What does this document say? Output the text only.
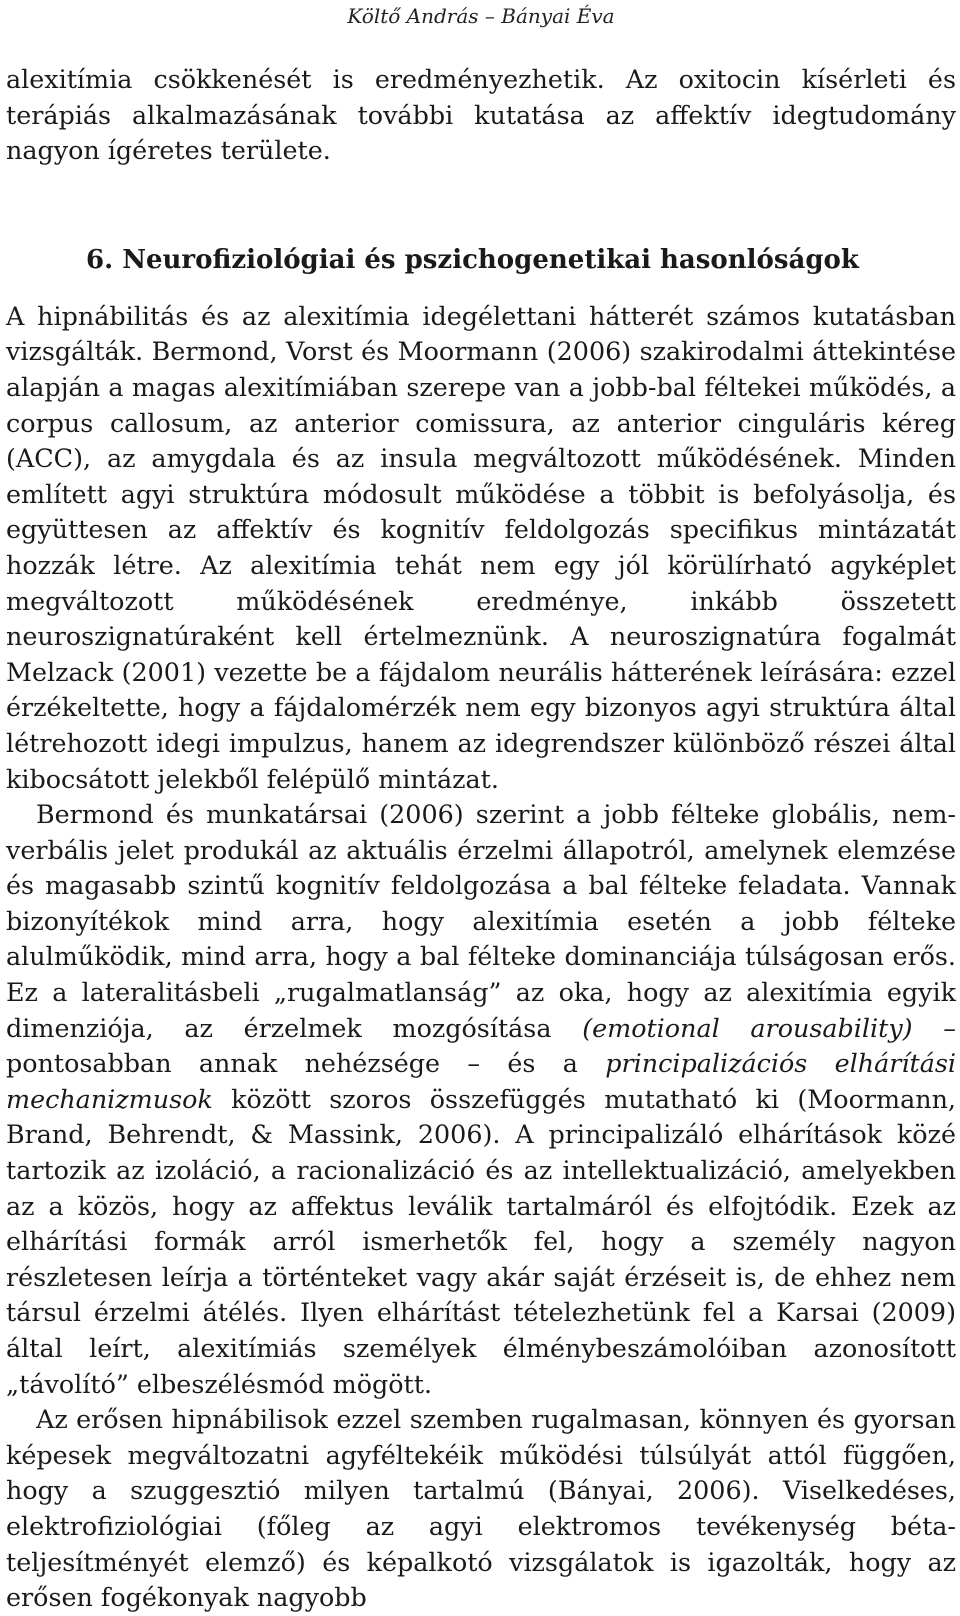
Költő András – Bányai Éva

alexitímia csökkenését is eredményezhetik. Az oxitocin kísérleti és terápiás alkalmazásának további kutatása az affektív idegtudomány nagyon ígéretes területe.

6. Neurofiziológiai és pszichogenetikai hasonlóságok

A hipnábilitás és az alexitímia idegélettani hátterét számos kutatásban vizsgálták. Bermond, Vorst és Moormann (2006) szakirodalmi áttekintése alapján a magas alexitímiában szerepe van a jobb-bal féltekei működés, a corpus callosum, az anterior comissura, az anterior cinguláris kéreg (ACC), az amygdala és az insula megváltozott működésének. Minden említett agyi struktúra módosult működése a többit is befolyásolja, és együttesen az affektív és kognitív feldolgozás specifikus mintázatát hozzák létre. Az alexitímia tehát nem egy jól körülírható agyképlet megváltozott működésének eredménye, inkább összetett neuroszignatúraként kell értelmeznünk. A neuroszignatúra fogalmát Melzack (2001) vezette be a fájdalom neurális hátterének leírására: ezzel érzékeltette, hogy a fájdalomérzék nem egy bizonyos agyi struktúra által létrehozott idegi impulzus, hanem az idegrendszer különböző részei által kibocsátott jelekből felépülő mintázat.

Bermond és munkatársai (2006) szerint a jobb félteke globális, nem-verbális jelet produkál az aktuális érzelmi állapotról, amelynek elemzése és magasabb szintű kognitív feldolgozása a bal félteke feladata. Vannak bizonyítékok mind arra, hogy alexitímia esetén a jobb félteke alulműködik, mind arra, hogy a bal félteke dominanciája túlságosan erős. Ez a lateralitásbeli „rugalmatlanság” az oka, hogy az alexitímia egyik dimenziója, az érzelmek mozgósítása (emotional arousability) – pontosabban annak nehézsége – és a principalizációs elhárítási mechanizmusok között szoros összefüggés mutatható ki (Moormann, Brand, Behrendt, & Massink, 2006). A principalizáló elhárítások közé tartozik az izoláció, a racionalizáció és az intellektualizáció, amelyekben az a közös, hogy az affektus leválik tartalmáról és elfojtódik. Ezek az elhárítási formák arról ismerhetők fel, hogy a személy nagyon részletesen leírja a történteket vagy akár saját érzéseit is, de ehhez nem társul érzelmi átélés. Ilyen elhárítást tételezhetünk fel a Karsai (2009) által leírt, alexitímiás személyek élménybeszámolóiban azonosított „távolító” elbeszélésmód mögött.

Az erősen hipnábilisok ezzel szemben rugalmasan, könnyen és gyorsan képesek megváltozatni agyféltekéik működési túlsúlyát attól függően, hogy a szuggesztió milyen tartalmú (Bányai, 2006). Viselkedéses, elektrofiziológiai (főleg az agyi elektromos tevékenység béta-teljesítményét elemző) és képalkotó vizsgálatok is igazolták, hogy az erősen fogékonyak nagyobb
